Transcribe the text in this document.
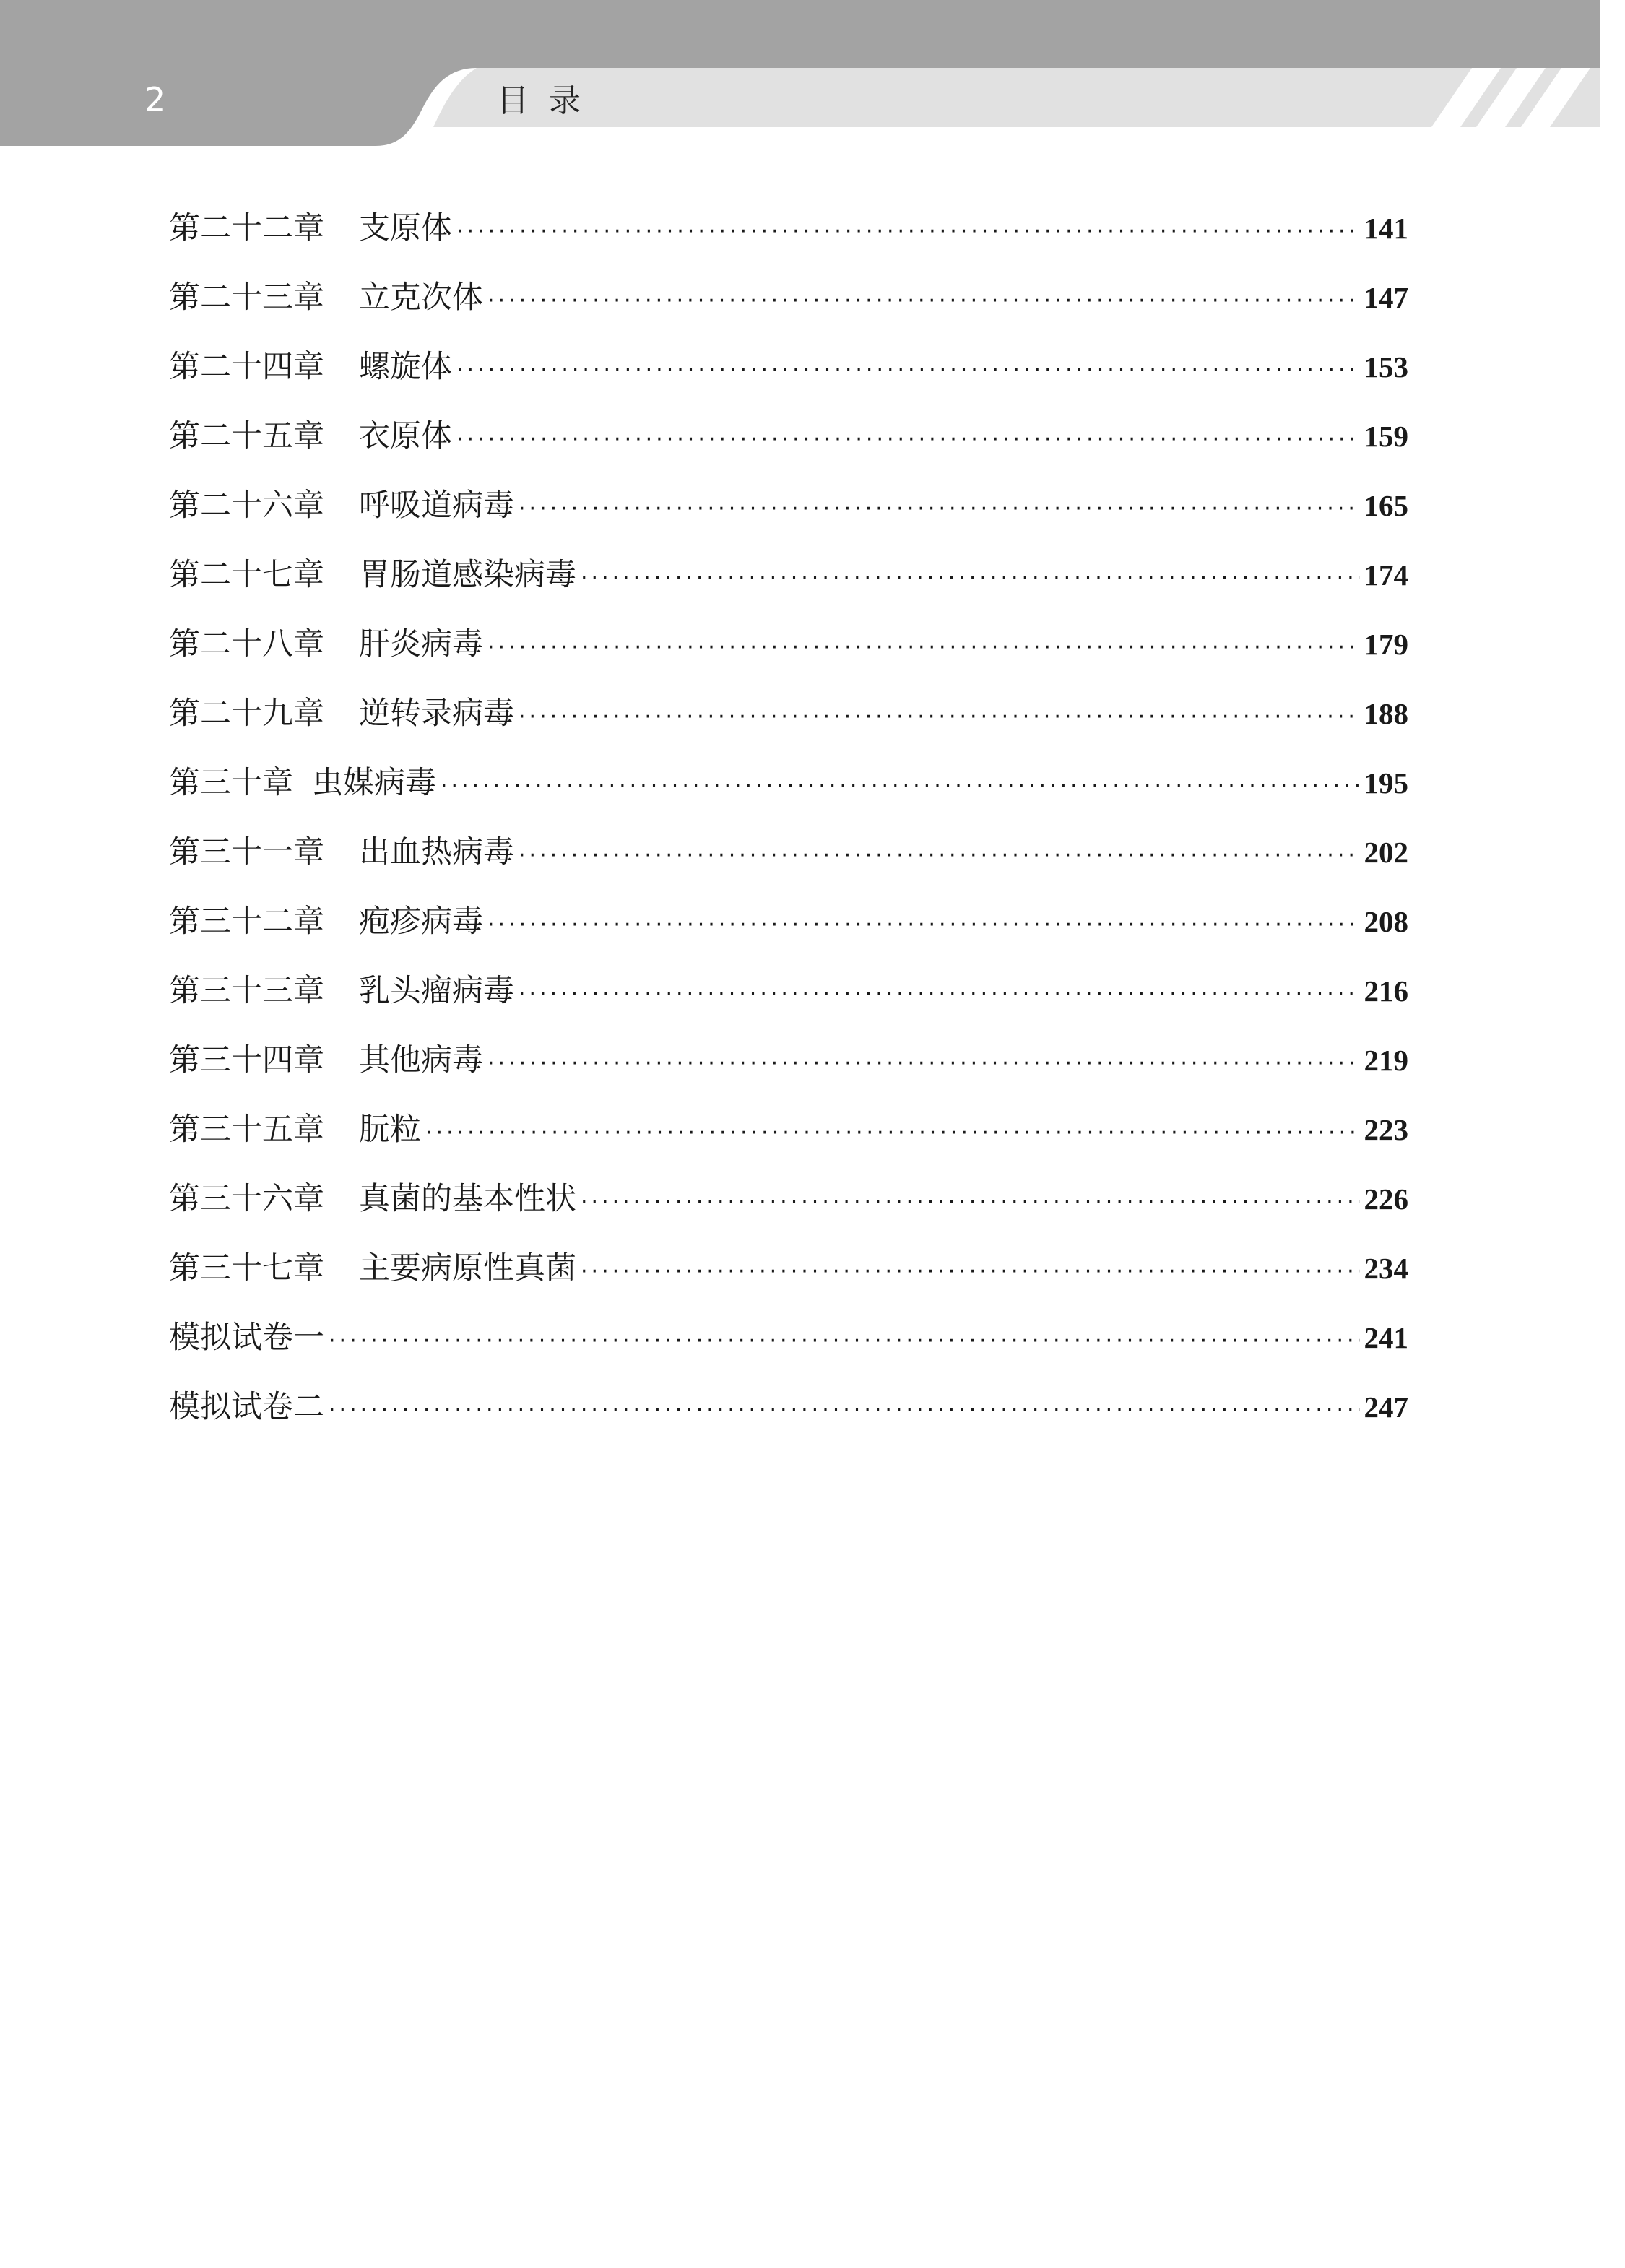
2	目录
第二十二章 支原体 ·····	141
第二十三章 立克次体 ·····	147
第二十四章 螺旋体 ·····	153
第二十五章 衣原体 ·····	159
第二十六章 呼吸道病毒 ·····	165
第二十七章 胃肠道感染病毒 ·····	174
第二十八章 肝炎病毒 ·····	179
第二十九章 逆转录病毒 ·····	188
第三十章 虫媒病毒 ·····	195
第三十一章 出血热病毒 ·····	202
第三十二章 疱疹病毒 ·····	208
第三十三章 乳头瘤病毒 ·····	216
第三十四章 其他病毒 ·····	219
第三十五章 朊粒 ·····	223
第三十六章 真菌的基本性状 ·····	226
第三十七章 主要病原性真菌 ·····	234
模拟试卷一 ·····	241
模拟试卷二 ·····	247
